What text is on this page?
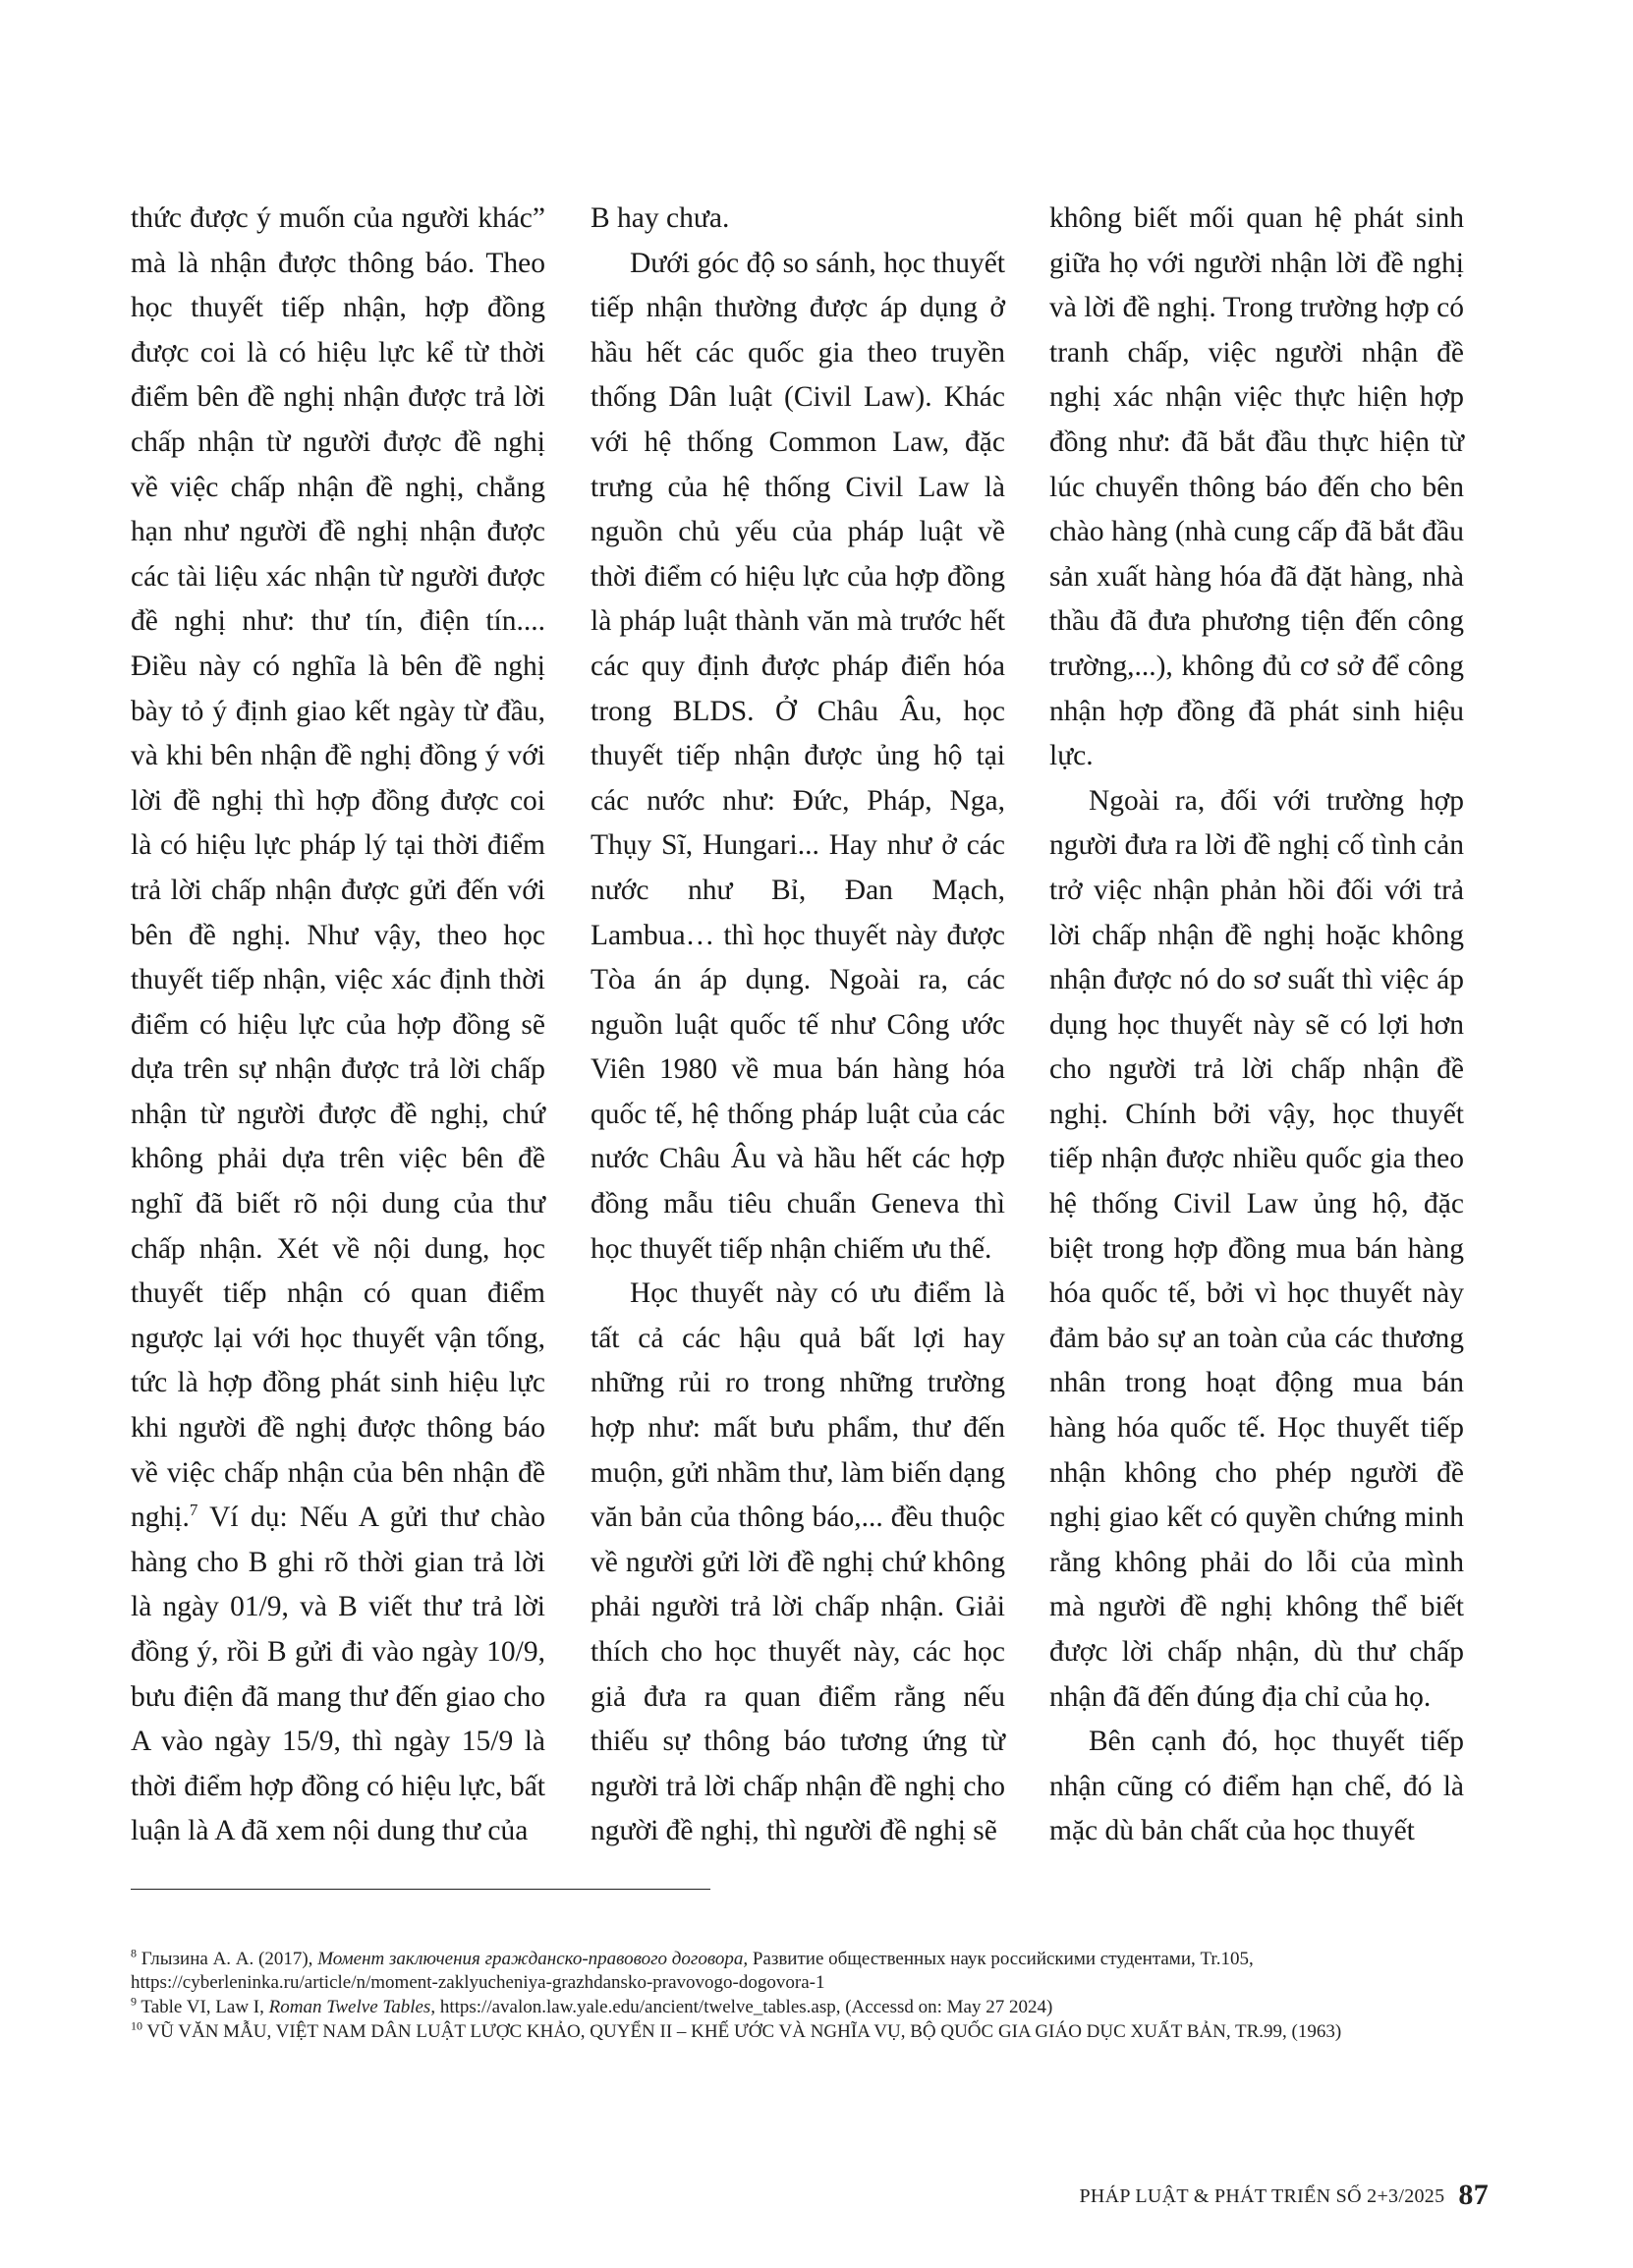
thức được ý muốn của người khác” mà là nhận được thông báo. Theo học thuyết tiếp nhận, hợp đồng được coi là có hiệu lực kể từ thời điểm bên đề nghị nhận được trả lời chấp nhận từ người được đề nghị về việc chấp nhận đề nghị, chẳng hạn như người đề nghị nhận được các tài liệu xác nhận từ người được đề nghị như: thư tín, điện tín.... Điều này có nghĩa là bên đề nghị bày tỏ ý định giao kết ngày từ đầu, và khi bên nhận đề nghị đồng ý với lời đề nghị thì hợp đồng được coi là có hiệu lực pháp lý tại thời điểm trả lời chấp nhận được gửi đến với bên đề nghị. Như vậy, theo học thuyết tiếp nhận, việc xác định thời điểm có hiệu lực của hợp đồng sẽ dựa trên sự nhận được trả lời chấp nhận từ người được đề nghị, chứ không phải dựa trên việc bên đề nghĩ đã biết rõ nội dung của thư chấp nhận. Xét về nội dung, học thuyết tiếp nhận có quan điểm ngược lại với học thuyết vận tống, tức là hợp đồng phát sinh hiệu lực khi người đề nghị được thông báo về việc chấp nhận của bên nhận đề nghị.$^7$ Ví dụ: Nếu A gửi thư chào hàng cho B ghi rõ thời gian trả lời là ngày 01/9, và B viết thư trả lời đồng ý, rồi B gửi đi vào ngày 10/9, bưu điện đã mang thư đến giao cho A vào ngày 15/9, thì ngày 15/9 là thời điểm hợp đồng có hiệu lực, bất luận là A đã xem nội dung thư của

B hay chưa.

Dưới góc độ so sánh, học thuyết tiếp nhận thường được áp dụng ở hầu hết các quốc gia theo truyền thống Dân luật (Civil Law). Khác với hệ thống Common Law, đặc trưng của hệ thống Civil Law là nguồn chủ yếu của pháp luật về thời điểm có hiệu lực của hợp đồng là pháp luật thành văn mà trước hết các quy định được pháp điển hóa trong BLDS. Ở Châu Âu, học thuyết tiếp nhận được ủng hộ tại các nước như: Đức, Pháp, Nga, Thụy Sĩ, Hungari... Hay như ở các nước như Bỉ, Đan Mạch, Lambua… thì học thuyết này được Tòa án áp dụng. Ngoài ra, các nguồn luật quốc tế như Công ước Viên 1980 về mua bán hàng hóa quốc tế, hệ thống pháp luật của các nước Châu Âu và hầu hết các hợp đồng mẫu tiêu chuẩn Geneva thì học thuyết tiếp nhận chiếm ưu thế.

Học thuyết này có ưu điểm là tất cả các hậu quả bất lợi hay những rủi ro trong những trường hợp như: mất bưu phẩm, thư đến muộn, gửi nhầm thư, làm biến dạng văn bản của thông báo,... đều thuộc về người gửi lời đề nghị chứ không phải người trả lời chấp nhận. Giải thích cho học thuyết này, các học giả đưa ra quan điểm rằng nếu thiếu sự thông báo tương ứng từ người trả lời chấp nhận đề nghị cho người đề nghị, thì người đề nghị sẽ

không biết mối quan hệ phát sinh giữa họ với người nhận lời đề nghị và lời đề nghị. Trong trường hợp có tranh chấp, việc người nhận đề nghị xác nhận việc thực hiện hợp đồng như: đã bắt đầu thực hiện từ lúc chuyển thông báo đến cho bên chào hàng (nhà cung cấp đã bắt đầu sản xuất hàng hóa đã đặt hàng, nhà thầu đã đưa phương tiện đến công trường,...), không đủ cơ sở để công nhận hợp đồng đã phát sinh hiệu lực.

Ngoài ra, đối với trường hợp người đưa ra lời đề nghị cố tình cản trở việc nhận phản hồi đối với trả lời chấp nhận đề nghị hoặc không nhận được nó do sơ suất thì việc áp dụng học thuyết này sẽ có lợi hơn cho người trả lời chấp nhận đề nghị. Chính bởi vậy, học thuyết tiếp nhận được nhiều quốc gia theo hệ thống Civil Law ủng hộ, đặc biệt trong hợp đồng mua bán hàng hóa quốc tế, bởi vì học thuyết này đảm bảo sự an toàn của các thương nhân trong hoạt động mua bán hàng hóa quốc tế. Học thuyết tiếp nhận không cho phép người đề nghị giao kết có quyền chứng minh rằng không phải do lỗi của mình mà người đề nghị không thể biết được lời chấp nhận, dù thư chấp nhận đã đến đúng địa chỉ của họ.

Bên cạnh đó, học thuyết tiếp nhận cũng có điểm hạn chế, đó là mặc dù bản chất của học thuyết

$^8$ Глызина А. А. (2017), Момент заключения гражданско-правового договора, Развитие общественных наук российскими студентами, Tr.105, https://cyberleninka.ru/article/n/moment-zaklyucheniya-grazhdansko-pravovogo-dogovora-1

$^9$ Table VI, Law I, Roman Twelve Tables, https://avalon.law.yale.edu/ancient/twelve_tables.asp, (Accessd on: May 27 2024)

$^{10}$ VŨ VĂN MẪU, VIỆT NAM DÂN LUẬT LƯỢC KHẢO, QUYỂN II – KHẾ ƯỚC VÀ NGHĨA VỤ, BỘ QUỐC GIA GIÁO DỤC XUẤT BẢN, TR.99, (1963)

PHÁP LUẬT & PHÁT TRIỂN SỐ 2+3/2025 87
